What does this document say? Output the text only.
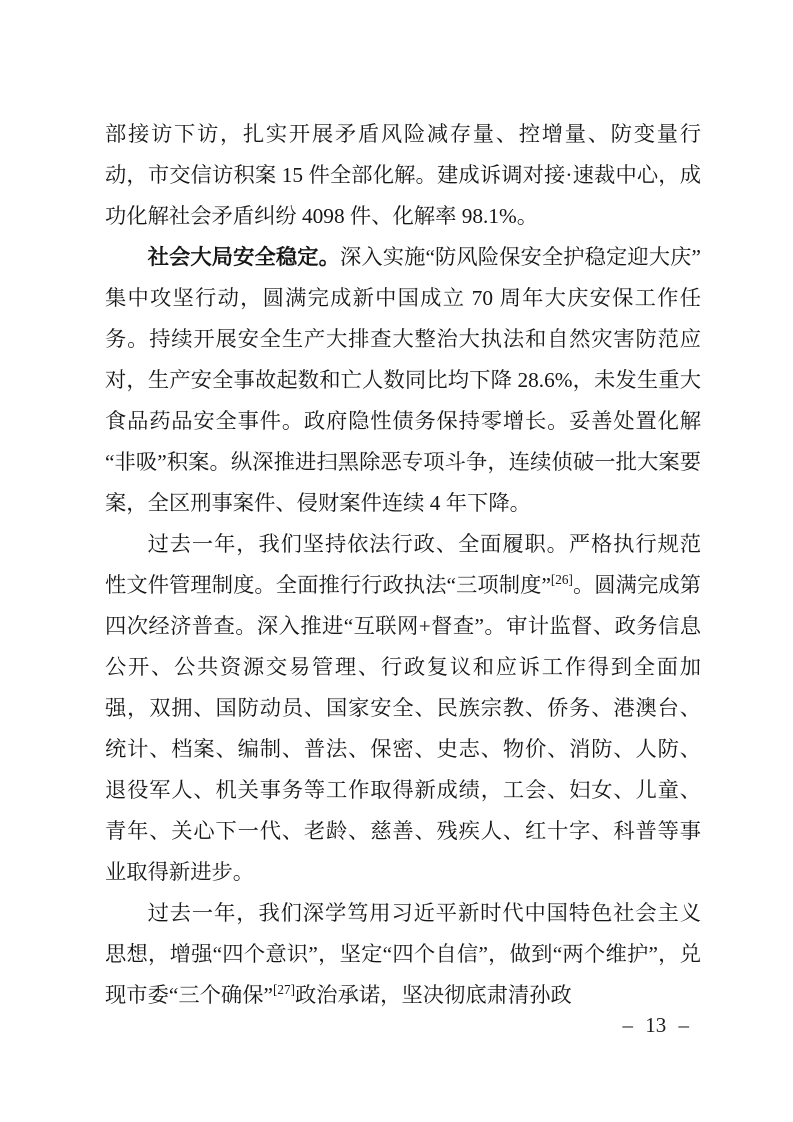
部接访下访，扎实开展矛盾风险减存量、控增量、防变量行动，市交信访积案 15 件全部化解。建成诉调对接·速裁中心，成功化解社会矛盾纠纷 4098 件、化解率 98.1%。

社会大局安全稳定。深入实施“防风险保安全护稳定迎大庆”集中攻坚行动，圆满完成新中国成立 70 周年大庆安保工作任务。持续开展安全生产大排查大整治大执法和自然灾害防范应对，生产安全事故起数和亡人数同比均下降 28.6%，未发生重大食品药品安全事件。政府隐性债务保持零增长。妥善处置化解“非吸”积案。纵深推进扫黑除恶专项斗争，连续侦破一批大案要案，全区刑事案件、侵财案件连续 4 年下降。

过去一年，我们坚持依法行政、全面履职。严格执行规范性文件管理制度。全面推行行政执法“三项制度”[26]。圆满完成第四次经济普查。深入推进“互联网+督查”。审计监督、政务信息公开、公共资源交易管理、行政复议和应诉工作得到全面加强，双拥、国防动员、国家安全、民族宗教、侨务、港澳台、统计、档案、编制、普法、保密、史志、物价、消防、人防、退役军人、机关事务等工作取得新成绩，工会、妇女、儿童、青年、关心下一代、老龄、慈善、残疾人、红十字、科普等事业取得新进步。

过去一年，我们深学笃用习近平新时代中国特色社会主义思想，增强“四个意识”，坚定“四个自信”，做到“两个维护”，兑现市委“三个确保”[27]政治承诺，坚决彻底肃清孙政

– 13 –
